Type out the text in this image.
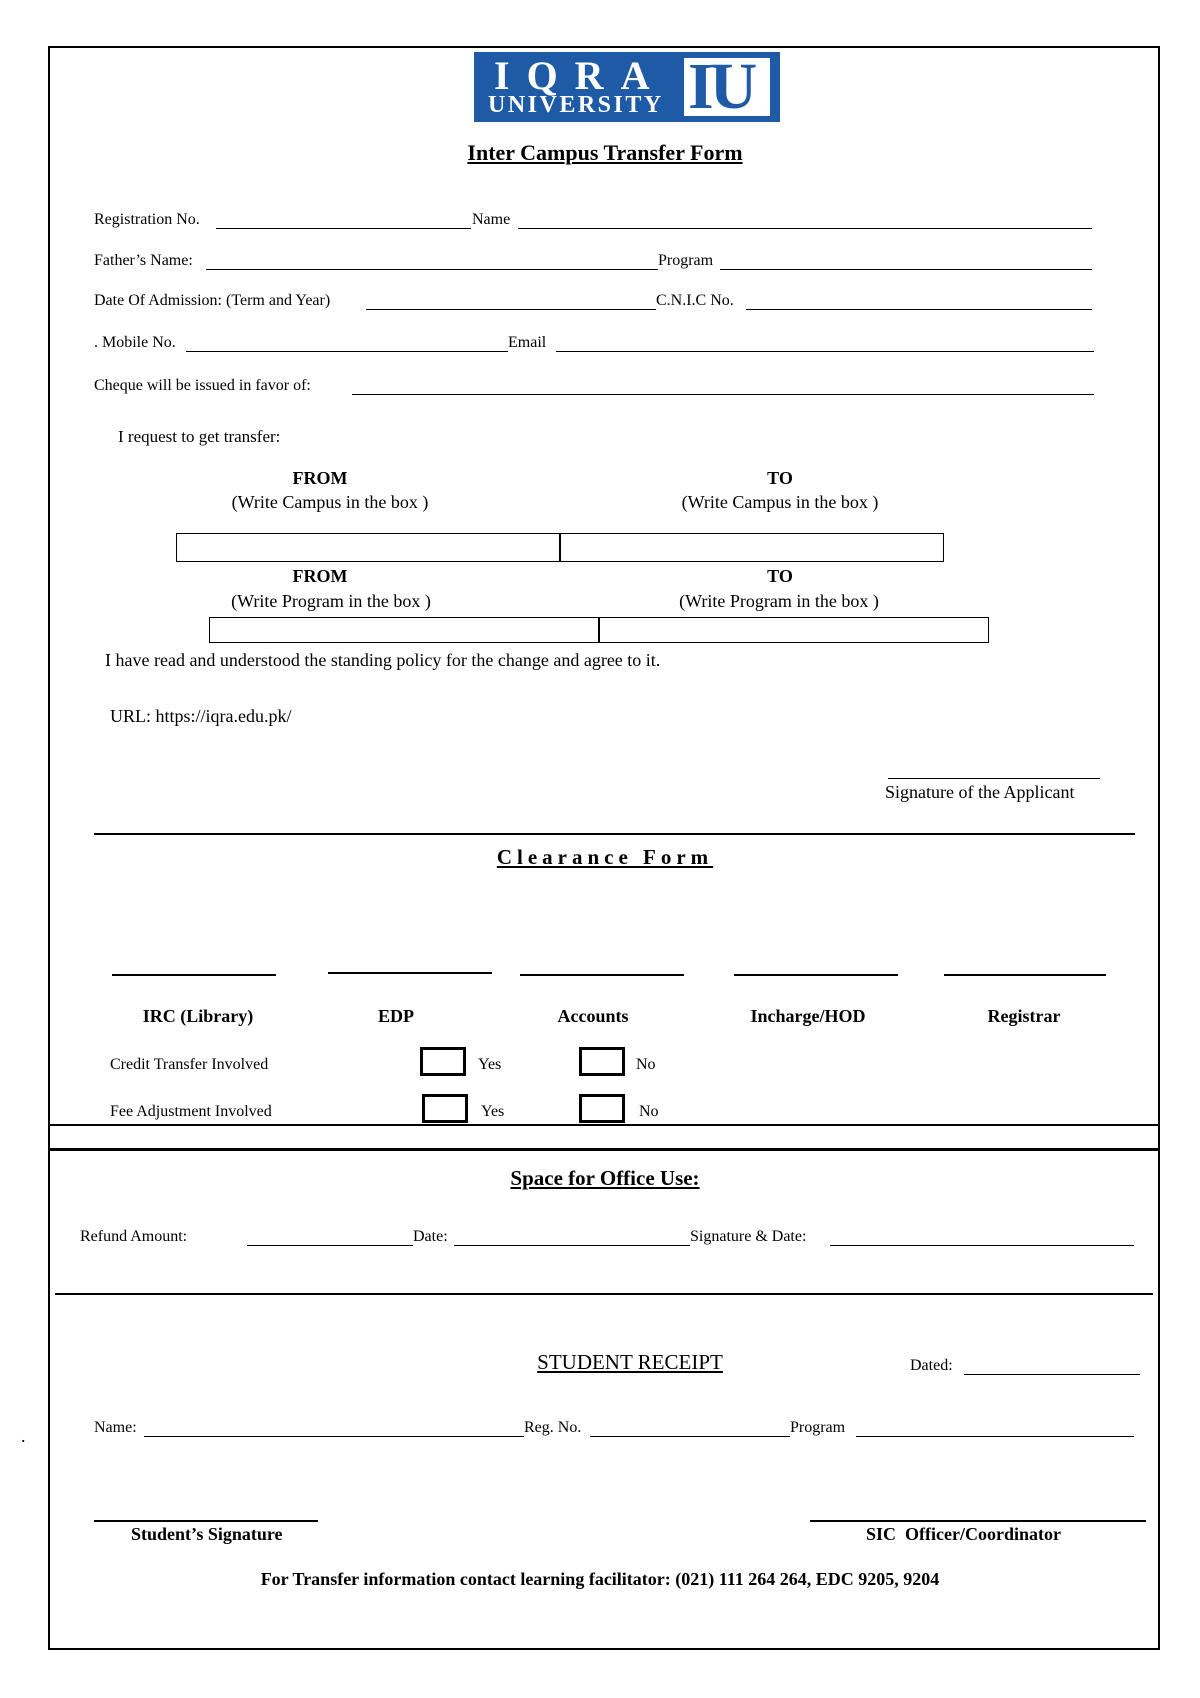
IQRA
UNIVERSITY IU
Inter Campus Transfer Form
Registration No.	Name
Father’s Name:	Program
Date Of Admission: (Term and Year)	C.N.I.C No.
. Mobile No.	Email
Cheque will be issued in favor of:
I request to get transfer:
FROM
(Write Campus in the box )
TO
(Write Campus in the box )
FROM
(Write Program in the box )
TO
(Write Program in the box )
I have read and understood the standing policy for the change and agree to it.
URL: https://iqra.edu.pk/
Signature of the Applicant
Clearance Form
IRC (Library)	EDP	Accounts	Incharge/HOD	Registrar
Credit Transfer Involved	Yes	No
Fee Adjustment Involved	Yes	No
Space for Office Use:
Refund Amount:	Date:	Signature & Date:
STUDENT RECEIPT	Dated:
Name:	Reg. No.	Program
Student’s Signature	SIC  Officer/Coordinator
For Transfer information contact learning facilitator: (021) 111 264 264, EDC 9205, 9204
.
